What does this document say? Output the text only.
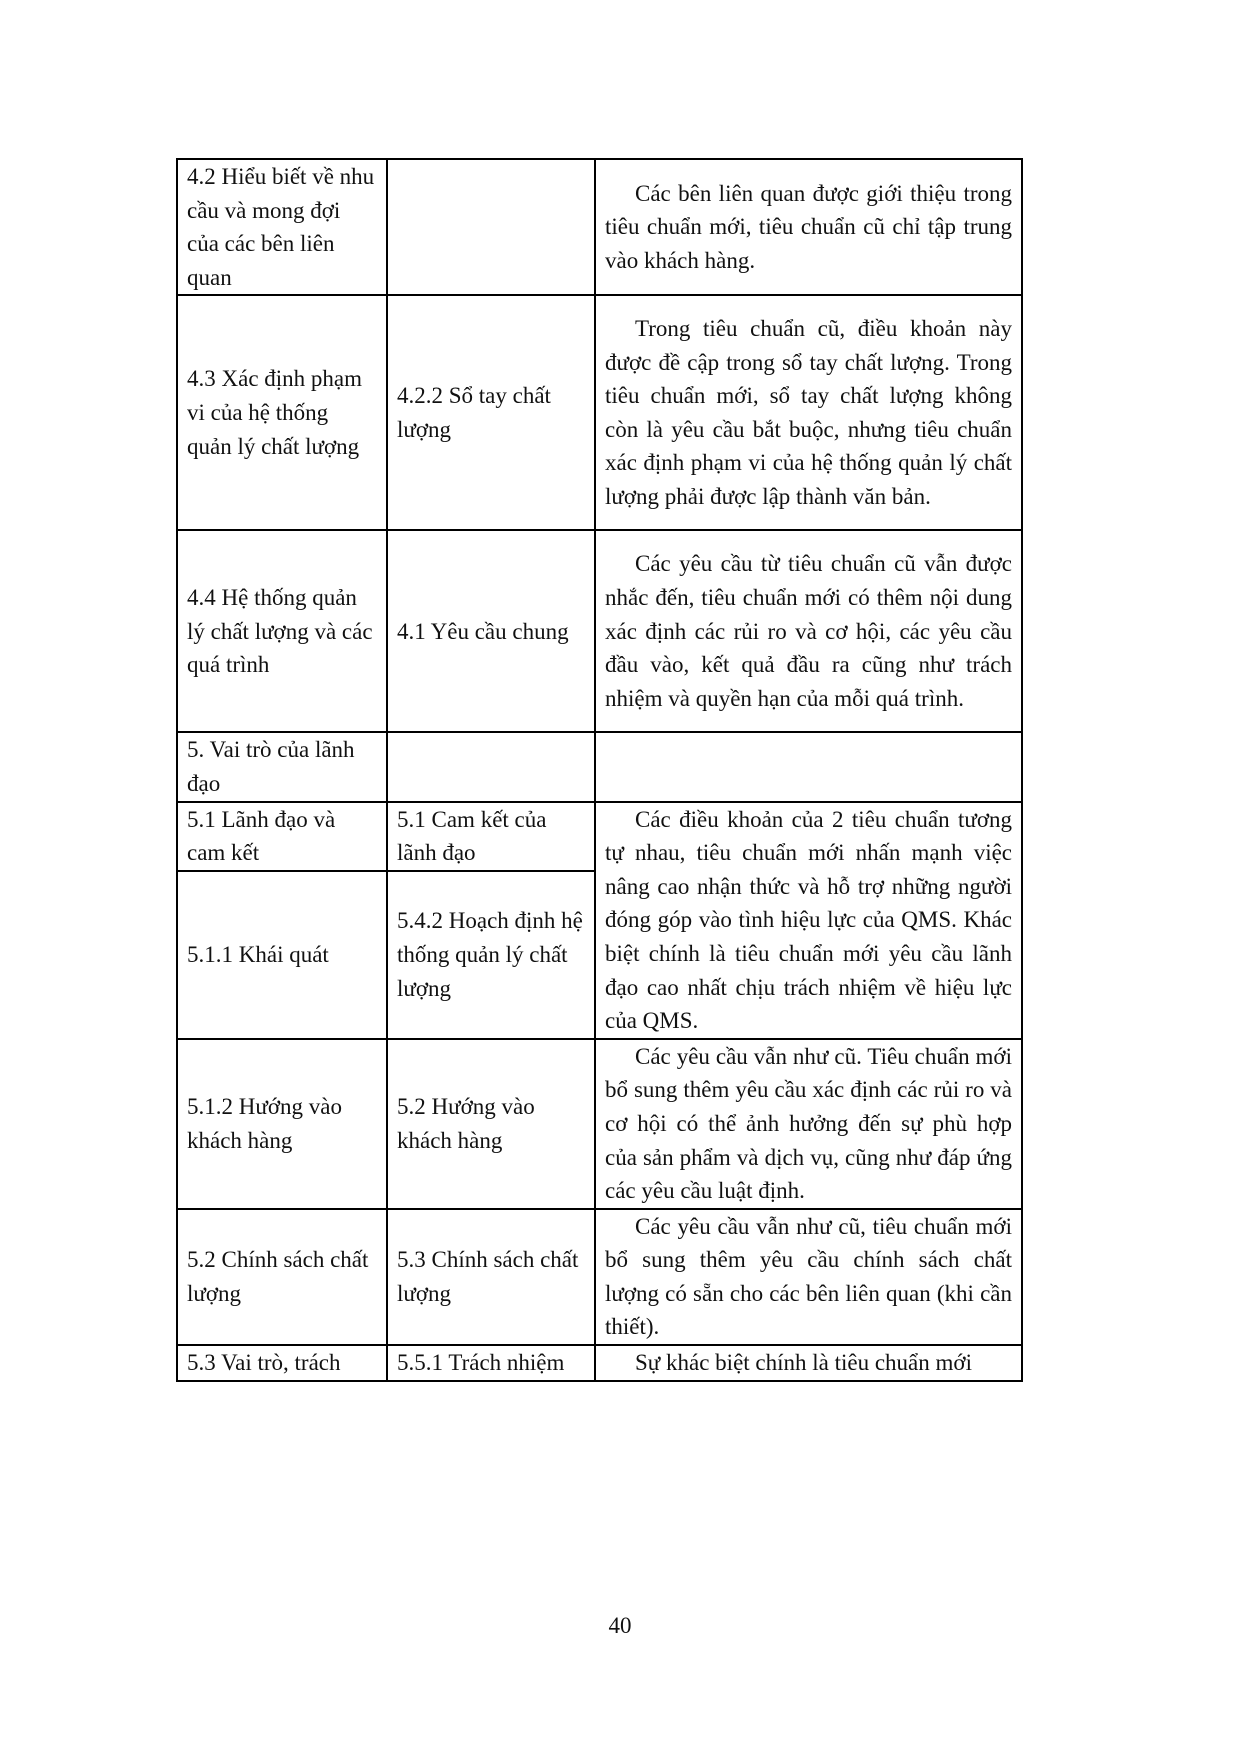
4.2 Hiểu biết về nhu cầu và mong đợi của các bên liên quan		Các bên liên quan được giới thiệu trong tiêu chuẩn mới, tiêu chuẩn cũ chỉ tập trung vào khách hàng.

4.3 Xác định phạm vi của hệ thống quản lý chất lượng	4.2.2 Sổ tay chất lượng	Trong tiêu chuẩn cũ, điều khoản này được đề cập trong sổ tay chất lượng. Trong tiêu chuẩn mới, sổ tay chất lượng không còn là yêu cầu bắt buộc, nhưng tiêu chuẩn xác định phạm vi của hệ thống quản lý chất lượng phải được lập thành văn bản.

4.4 Hệ thống quản lý chất lượng và các quá trình	4.1 Yêu cầu chung	Các yêu cầu từ tiêu chuẩn cũ vẫn được nhắc đến, tiêu chuẩn mới có thêm nội dung xác định các rủi ro và cơ hội, các yêu cầu đầu vào, kết quả đầu ra cũng như trách nhiệm và quyền hạn của mỗi quá trình.

5. Vai trò của lãnh đạo		
5.1 Lãnh đạo và cam kết	5.1 Cam kết của lãnh đạo	Các điều khoản của 2 tiêu chuẩn tương tự nhau, tiêu chuẩn mới nhấn mạnh việc nâng cao nhận thức và hỗ trợ những người đóng góp vào tình hiệu lực của QMS. Khác biệt chính là tiêu chuẩn mới yêu cầu lãnh đạo cao nhất chịu trách nhiệm về hiệu lực của QMS.

5.1.1 Khái quát	5.4.2 Hoạch định hệ thống quản lý chất lượng	
5.1.2 Hướng vào khách hàng	5.2 Hướng vào khách hàng	Các yêu cầu vẫn như cũ. Tiêu chuẩn mới bổ sung thêm yêu cầu xác định các rủi ro và cơ hội có thể ảnh hưởng đến sự phù hợp của sản phẩm và dịch vụ, cũng như đáp ứng các yêu cầu luật định.

5.2 Chính sách chất lượng	5.3 Chính sách chất lượng	Các yêu cầu vẫn như cũ, tiêu chuẩn mới bổ sung thêm yêu cầu chính sách chất lượng có sẵn cho các bên liên quan (khi cần thiết).

5.3 Vai trò, trách	5.5.1 Trách nhiệm	Sự khác biệt chính là tiêu chuẩn mới
40
